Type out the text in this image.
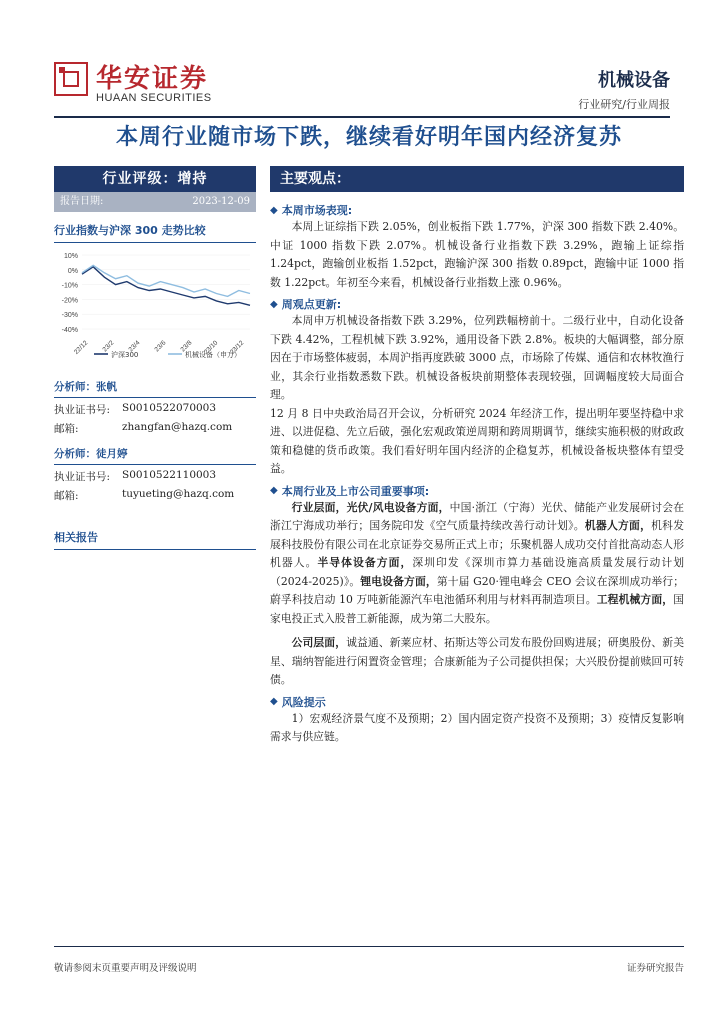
华安证券
HUAAN SECURITIES
机械设备
行业研究/行业周报
本周行业随市场下跌，继续看好明年国内经济复苏
行业评级：增持
报告日期:	2023-12-09
行业指数与沪深 300 走势比较
10%
0%
-10%
-20%
-30%
-40%
22/12 23/2 23/4 23/6 23/8 23/10 23/12
沪深300	机械设备（申万）
分析师：张帆
执业证书号:	S0010522070003
邮箱:	zhangfan@hazq.com
分析师：徒月婷
执业证书号:	S0010522110003
邮箱:	tuyueting@hazq.com
相关报告
主要观点：
◆ 本周市场表现:
本周上证综指下跌 2.05%，创业板指下跌 1.77%，沪深 300 指数下跌 2.40%。中证 1000 指数下跌 2.07%。机械设备行业指数下跌 3.29%，跑输上证综指 1.24pct，跑输创业板指 1.52pct，跑输沪深 300 指数 0.89pct，跑输中证 1000 指数 1.22pct。年初至今来看，机械设备行业指数上涨 0.96%。
◆ 周观点更新:
本周申万机械设备指数下跌 3.29%，位列跌幅榜前十。二级行业中，自动化设备下跌 4.42%，工程机械下跌 3.92%，通用设备下跌 2.8%。板块的大幅调整，部分原因在于市场整体疲弱，本周沪指再度跌破 3000 点，市场除了传媒、通信和农林牧渔行业，其余行业指数悉数下跌。机械设备板块前期整体表现较强，回调幅度较大局面合理。
12 月 8 日中央政治局召开会议，分析研究 2024 年经济工作，提出明年要坚持稳中求进、以进促稳、先立后破，强化宏观政策逆周期和跨周期调节，继续实施积极的财政政策和稳健的货币政策。我们看好明年国内经济的企稳复苏，机械设备板块整体有望受益。
◆ 本周行业及上市公司重要事项:
行业层面，光伏/风电设备方面，中国·浙江（宁海）光伏、储能产业发展研讨会在浙江宁海成功举行；国务院印发《空气质量持续改善行动计划》。机器人方面，机科发展科技股份有限公司在北京证券交易所正式上市；乐聚机器人成功交付首批高动态人形机器人。半导体设备方面，深圳印发《深圳市算力基础设施高质量发展行动计划（2024-2025)》。锂电设备方面，第十届 G20·锂电峰会 CEO 会议在深圳成功举行；蔚孚科技启动 10 万吨新能源汽车电池循环利用与材料再制造项目。工程机械方面，国家电投正式入股普工新能源，成为第二大股东。
公司层面，诚益通、新莱应材、拓斯达等公司发布股份回购进展；研奥股份、新美星、瑞纳智能进行闲置资金管理；合康新能为子公司提供担保；大兴股份提前赎回可转债。
◆ 风险提示
1）宏观经济景气度不及预期；2）国内固定资产投资不及预期；3）疫情反复影响需求与供应链。
敬请参阅末页重要声明及评级说明	证券研究报告
